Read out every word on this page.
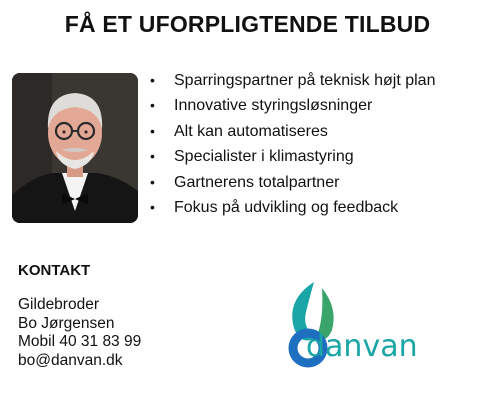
FÅ ET UFORPLIGTENDE TILBUD
• Sparringspartner på teknisk højt plan
• Innovative styringsløsninger
• Alt kan automatiseres
• Specialister i klimastyring
• Gartnerens totalpartner
• Fokus på udvikling og feedback
KONTAKT
Gildebroder
Bo Jørgensen
Mobil 40 31 83 99
bo@danvan.dk	danvan
